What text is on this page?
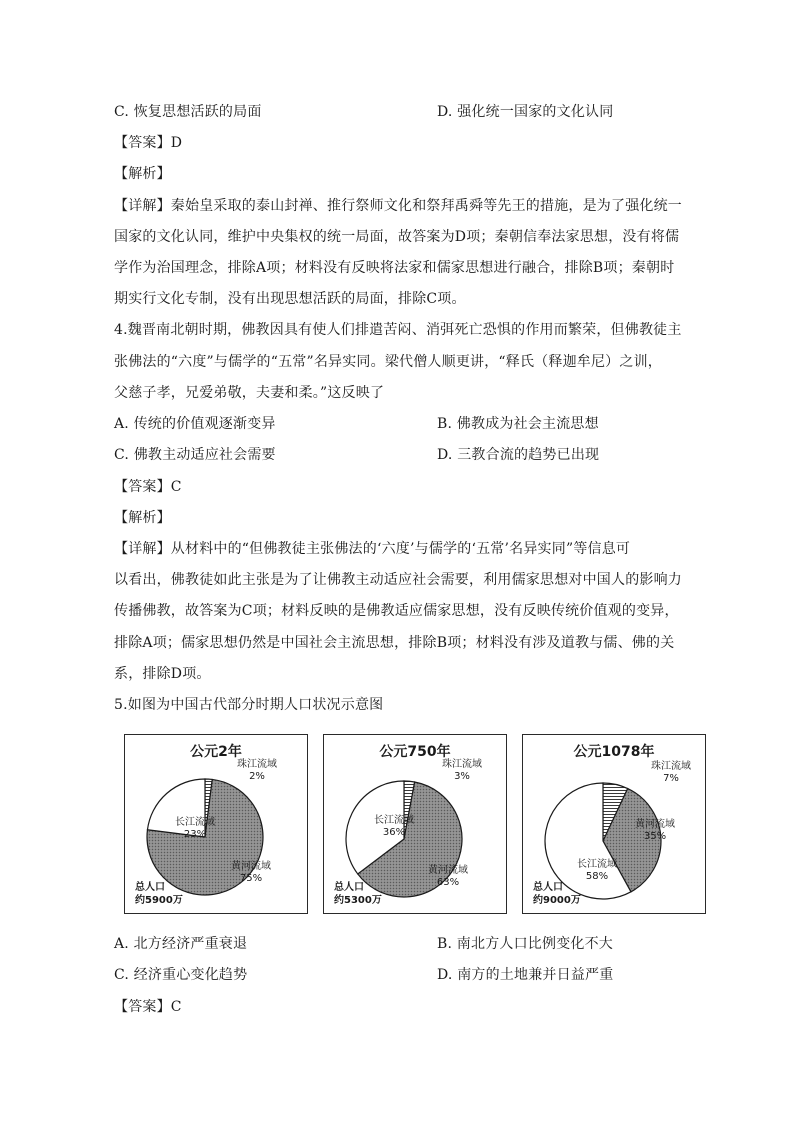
C. 恢复思想活跃的局面	D. 强化统一国家的文化认同
【答案】D
【解析】
【详解】秦始皇采取的泰山封禅、推行祭师文化和祭拜禹舜等先王的措施，是为了强化统一
国家的文化认同，维护中央集权的统一局面，故答案为D项；秦朝信奉法家思想，没有将儒
学作为治国理念，排除A项；材料没有反映将法家和儒家思想进行融合，排除B项；秦朝时
期实行文化专制，没有出现思想活跃的局面，排除C项。
4.魏晋南北朝时期，佛教因具有使人们排遣苦闷、消弭死亡恐惧的作用而繁荣，但佛教徒主
张佛法的“六度”与儒学的“五常”名异实同。梁代僧人顺更讲，“释氏（释迦牟尼）之训，
父慈子孝，兄爱弟敬，夫妻和柔。”这反映了
A. 传统的价值观逐渐变异	B. 佛教成为社会主流思想
C. 佛教主动适应社会需要	D. 三教合流的趋势已出现
【答案】C
【解析】
【详解】从材料中的“但佛教徒主张佛法的‘六度’与儒学的‘五常’名异实同”等信息可
以看出，佛教徒如此主张是为了让佛教主动适应社会需要，利用儒家思想对中国人的影响力
传播佛教，故答案为C项；材料反映的是佛教适应儒家思想，没有反映传统价值观的变异，
排除A项；儒家思想仍然是中国社会主流思想，排除B项；材料没有涉及道教与儒、佛的关
系，排除D项。
5.如图为中国古代部分时期人口状况示意图
公元2年
珠江流域
2%
长江流域
23%
黄河流域
75%
总人口
约5900万
公元750年
珠江流域
3%
长江流域
36%
黄河流域
63%
总人口
约5300万
公元1078年
珠江流域
7%
黄河流域
35%
长江流域
58%
总人口
约9000万
A. 北方经济严重衰退	B. 南北方人口比例变化不大
C. 经济重心变化趋势	D. 南方的土地兼并日益严重
【答案】C
